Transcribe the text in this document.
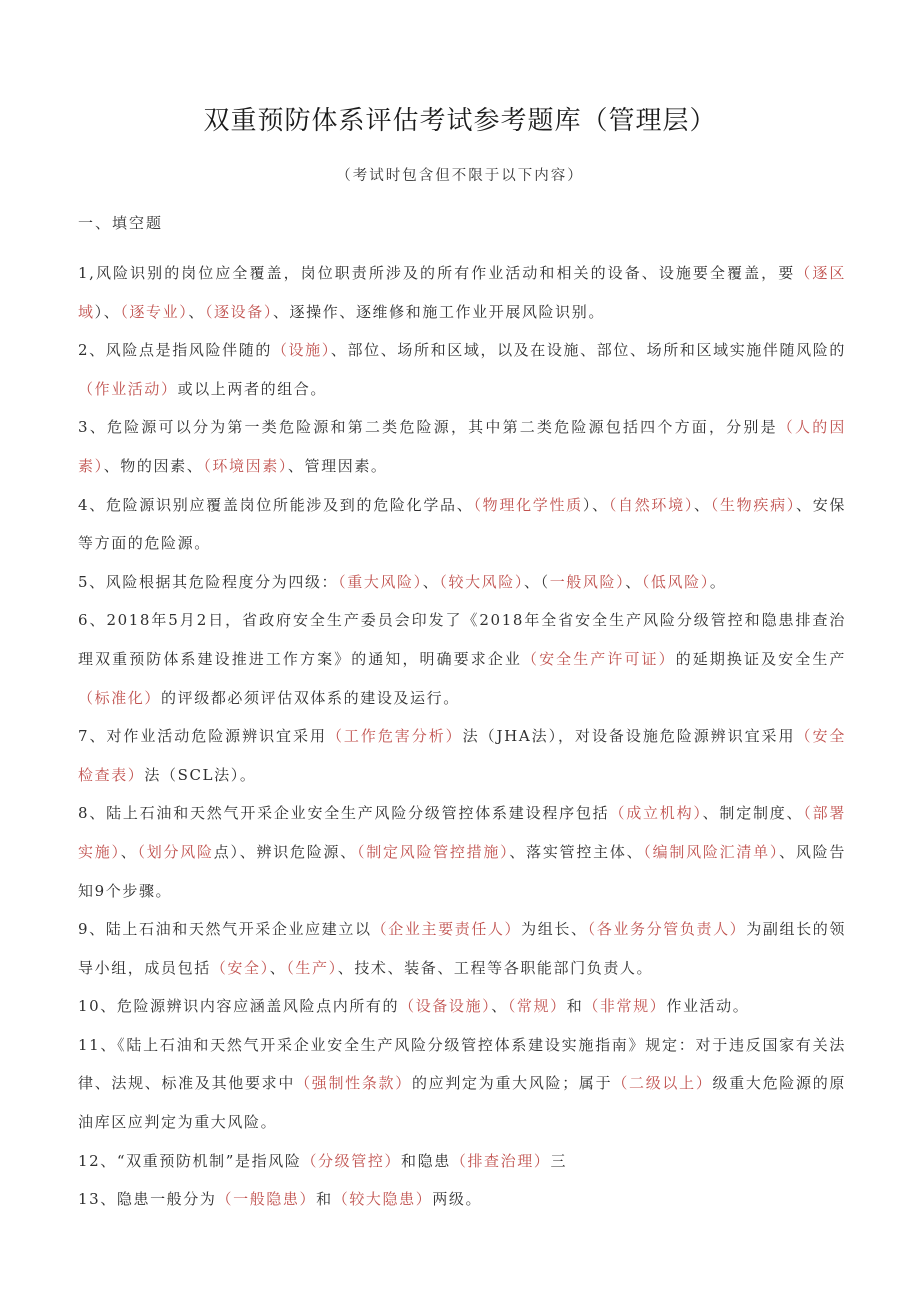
双重预防体系评估考试参考题库（管理层）
（考试时包含但不限于以下内容）
一、填空题

1,风险识别的岗位应全覆盖，岗位职责所涉及的所有作业活动和相关的设备、设施要全覆盖，要（逐区域）、（逐专业）、（逐设备）、逐操作、逐维修和施工作业开展风险识别。

2、风险点是指风险伴随的（设施）、部位、场所和区域，以及在设施、部位、场所和区域实施伴随风险的（作业活动）或以上两者的组合。

3、危险源可以分为第一类危险源和第二类危险源，其中第二类危险源包括四个方面，分别是（人的因素）、物的因素、（环境因素）、管理因素。

4、危险源识别应覆盖岗位所能涉及到的危险化学品、（物理化学性质）、（自然环境）、（生物疾病）、安保等方面的危险源。

5、风险根据其危险程度分为四级：（重大风险）、（较大风险）、（一般风险）、（低风险）。

6、2018年5月2日，省政府安全生产委员会印发了《2018年全省安全生产风险分级管控和隐患排查治理双重预防体系建设推进工作方案》的通知，明确要求企业（安全生产许可证）的延期换证及安全生产（标准化）的评级都必须评估双体系的建设及运行。

7、对作业活动危险源辨识宜采用（工作危害分析）法（JHA法），对设备设施危险源辨识宜采用（安全检查表）法（SCL法）。

8、陆上石油和天然气开采企业安全生产风险分级管控体系建设程序包括（成立机构）、制定制度、（部署实施）、（划分风险点）、辨识危险源、（制定风险管控措施）、落实管控主体、（编制风险汇清单）、风险告知9个步骤。

9、陆上石油和天然气开采企业应建立以（企业主要责任人）为组长、（各业务分管负责人）为副组长的领导小组，成员包括（安全）、（生产）、技术、装备、工程等各职能部门负责人。

10、危险源辨识内容应涵盖风险点内所有的（设备设施）、（常规）和（非常规）作业活动。

11、《陆上石油和天然气开采企业安全生产风险分级管控体系建设实施指南》规定：对于违反国家有关法律、法规、标准及其他要求中（强制性条款）的应判定为重大风险；属于（二级以上）级重大危险源的原油库区应判定为重大风险。

12、“双重预防机制”是指风险（分级管控）和隐患（排查治理）三

13、隐患一般分为（一般隐患）和（较大隐患）两级。
